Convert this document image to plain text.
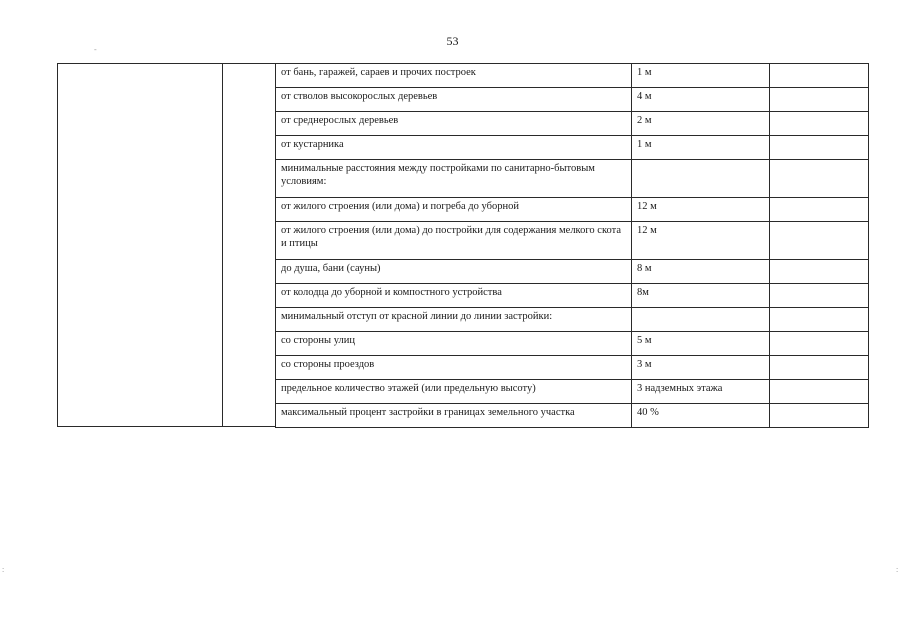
53
-
:	:
от бань, гаражей, сараев и прочих построек	1 м	
от стволов высокорослых деревьев	4 м	
от среднерослых деревьев	2 м	
от кустарника	1 м	
минимальные расстояния между постройками по санитарно-бытовым условиям:		
от жилого строения (или дома) и погреба до уборной	12 м	
от жилого строения (или дома) до постройки для содержания мелкого скота и птицы	12 м	
до душа, бани (сауны)	8 м	
от колодца до уборной и компостного устройства	8м	
минимальный отступ от красной линии до линии застройки:		
со стороны улиц	5 м	
со стороны проездов	3 м	
предельное количество этажей (или предельную высоту)	3 надземных этажа	
максимальный процент застройки в границах земельного участка	40 %	
